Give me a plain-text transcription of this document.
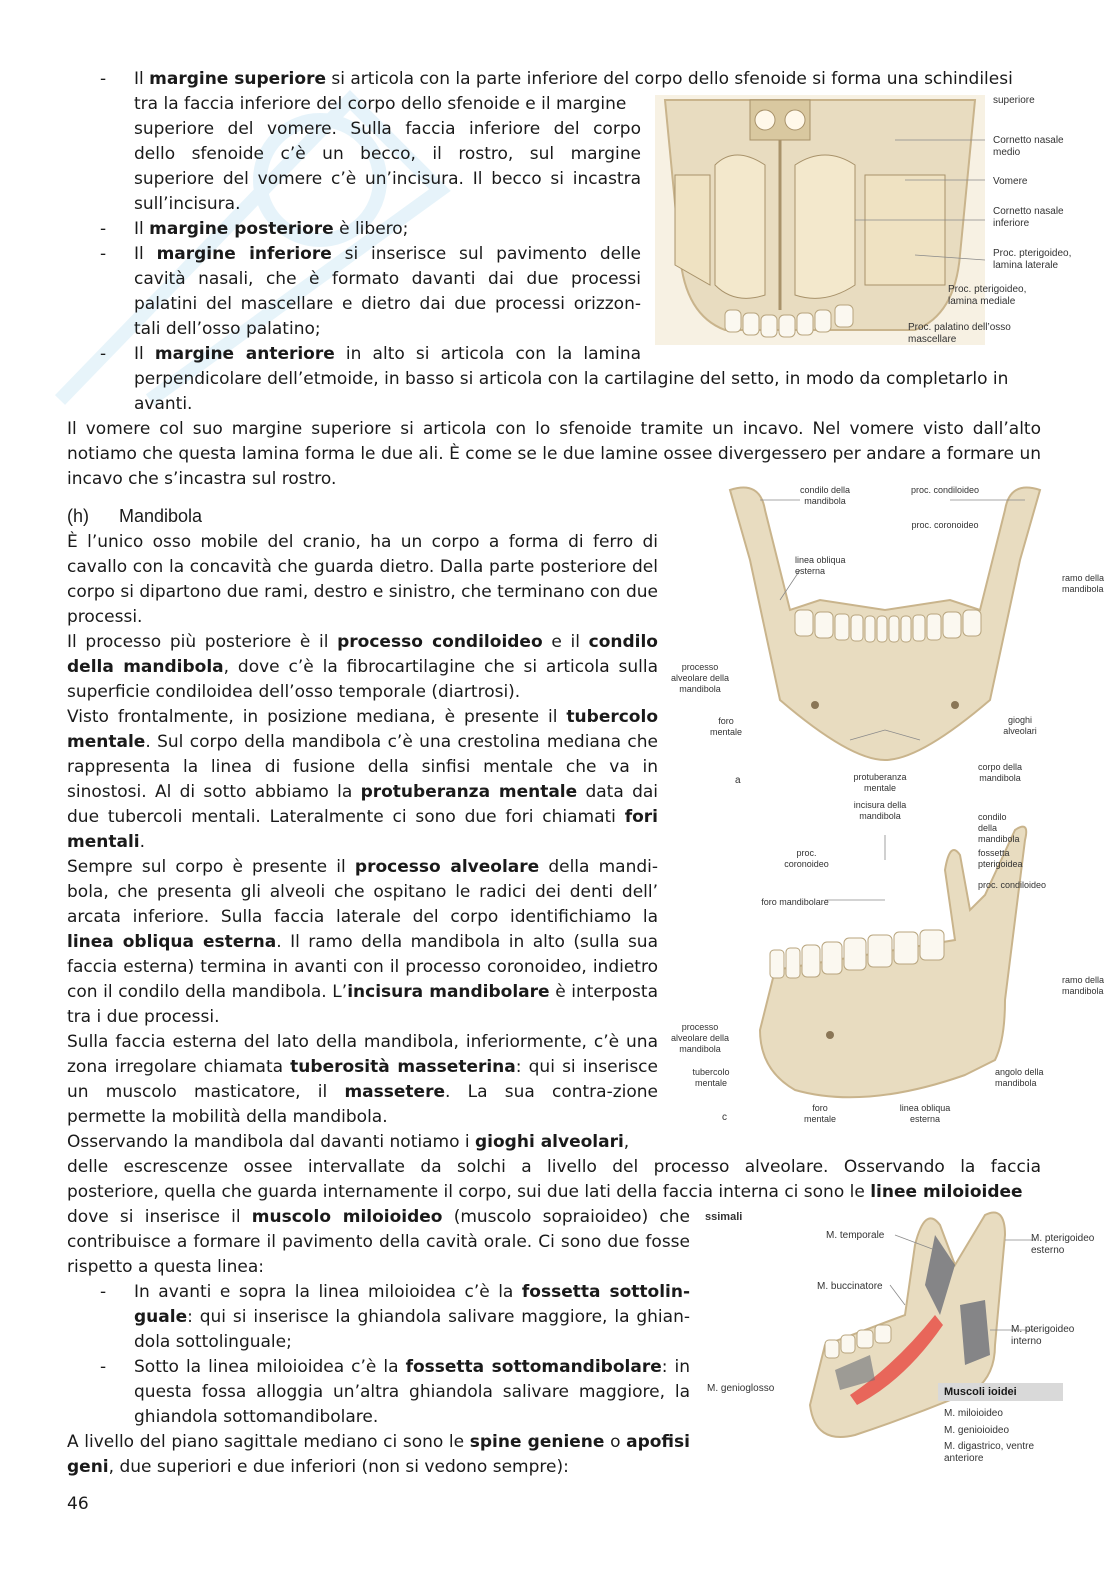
- Il margine superiore si articola con la parte inferiore del corpo dello sfenoide si forma una schindilesi
tra la faccia inferiore del corpo dello sfenoide e il margine
superiore del vomere. Sulla faccia inferiore del corpo
dello sfenoide c’è un becco, il rostro, sul margine
superiore del vomere c’è un’incisura. Il becco si incastra
sull’incisura.
- Il margine posteriore è libero;
- Il margine inferiore si inserisce sul pavimento delle
cavità nasali, che è formato davanti dai due processi
palatini del mascellare e dietro dai due processi orizzon-
tali dell’osso palatino;
- Il margine anteriore in alto si articola con la lamina
perpendicolare dell’etmoide, in basso si articola con la cartilagine del setto, in modo da completarlo in
avanti.
Il vomere col suo margine superiore si articola con lo sfenoide tramite un incavo. Nel vomere visto dall’alto notiamo che questa lamina forma le due ali. È come se le due lamine ossee divergessero per andare a formare un incavo che s’incastra sul rostro.
superiore
Cornetto nasale medio
Vomere
Cornetto nasale inferiore
Proc. pterigoideo, lamina laterale
Proc. pterigoideo, lamina mediale
Proc. palatino dell’osso mascellare
(h) Mandibola
È l’unico osso mobile del cranio, ha un corpo a forma di ferro di cavallo con la concavità che guarda dietro. Dalla parte posteriore del corpo si dipartono due rami, destro e sinistro, che terminano con due processi.
Il processo più posteriore è il processo condiloideo e il condilo della mandibola, dove c’è la fibrocartilagine che si articola sulla superficie condiloidea dell’osso temporale (diartrosi).
Visto frontalmente, in posizione mediana, è presente il tubercolo mentale. Sul corpo della mandibola c’è una crestolina mediana che rappresenta la linea di fusione della sinfisi mentale che va in sinostosi. Al di sotto abbiamo la protuberanza mentale data dai due tubercoli mentali. Lateralmente ci sono due fori chiamati fori mentali.
Sempre sul corpo è presente il processo alveolare della mandi-bola, che presenta gli alveoli che ospitano le radici dei denti dell’ arcata inferiore. Sulla faccia laterale del corpo identifichiamo la linea obliqua esterna. Il ramo della mandibola in alto (sulla sua faccia esterna) termina in avanti con il processo coronoideo, indietro con il condilo della mandibola. L’incisura mandibolare è interposta tra i due processi.
Sulla faccia esterna del lato della mandibola, inferiormente, c’è una zona irregolare chiamata tuberosità masseterina: qui si inserisce un muscolo masticatore, il massetere. La sua contra-zione permette la mobilità della mandibola.
Osservando la mandibola dal davanti notiamo i gioghi alveolari,
delle escrescenze ossee intervallate da solchi a livello del processo alveolare. Osservando la faccia
posteriore, quella che guarda internamente il corpo, sui due lati della faccia interna ci sono le linee miloioidee
dove si inserisce il muscolo miloioideo (muscolo sopraioideo) che contribuisce a formare il pavimento della cavità orale. Ci sono due fosse rispetto a questa linea:
- In avanti e sopra la linea miloioidea c’è la fossetta sottolin-guale: qui si inserisce la ghiandola salivare maggiore, la ghian-dola sottolinguale;
- Sotto la linea miloioidea c’è la fossetta sottomandibolare: in questa fossa alloggia un’altra ghiandola salivare maggiore, la ghiandola sottomandibolare.
A livello del piano sagittale mediano ci sono le spine geniene o apofisi geni, due superiori e due inferiori (non si vedono sempre):
46
condilo della mandibola
proc. condiloideo
proc. coronoideo
linea obliqua esterna
ramo della mandibola
processo alveolare della mandibola
foro mentale
gioghi alveolari
corpo della mandibola
protuberanza mentale
a
incisura della mandibola	condilo della mandibola
proc. coronoideo
fossetta pterigoidea
proc. condiloideo
foro mandibolare
ramo della mandibola
processo alveolare della mandibola
tubercolo mentale
angolo della mandibola
foro mentale
linea obliqua esterna
c
ssimali
M. temporale	M. pterigoideo esterno
M. buccinatore
M. pterigoideo interno
M. genioglosso	Muscoli ioidei
M. miloioideo
M. genioioideo
M. digastrico, ventre anteriore
